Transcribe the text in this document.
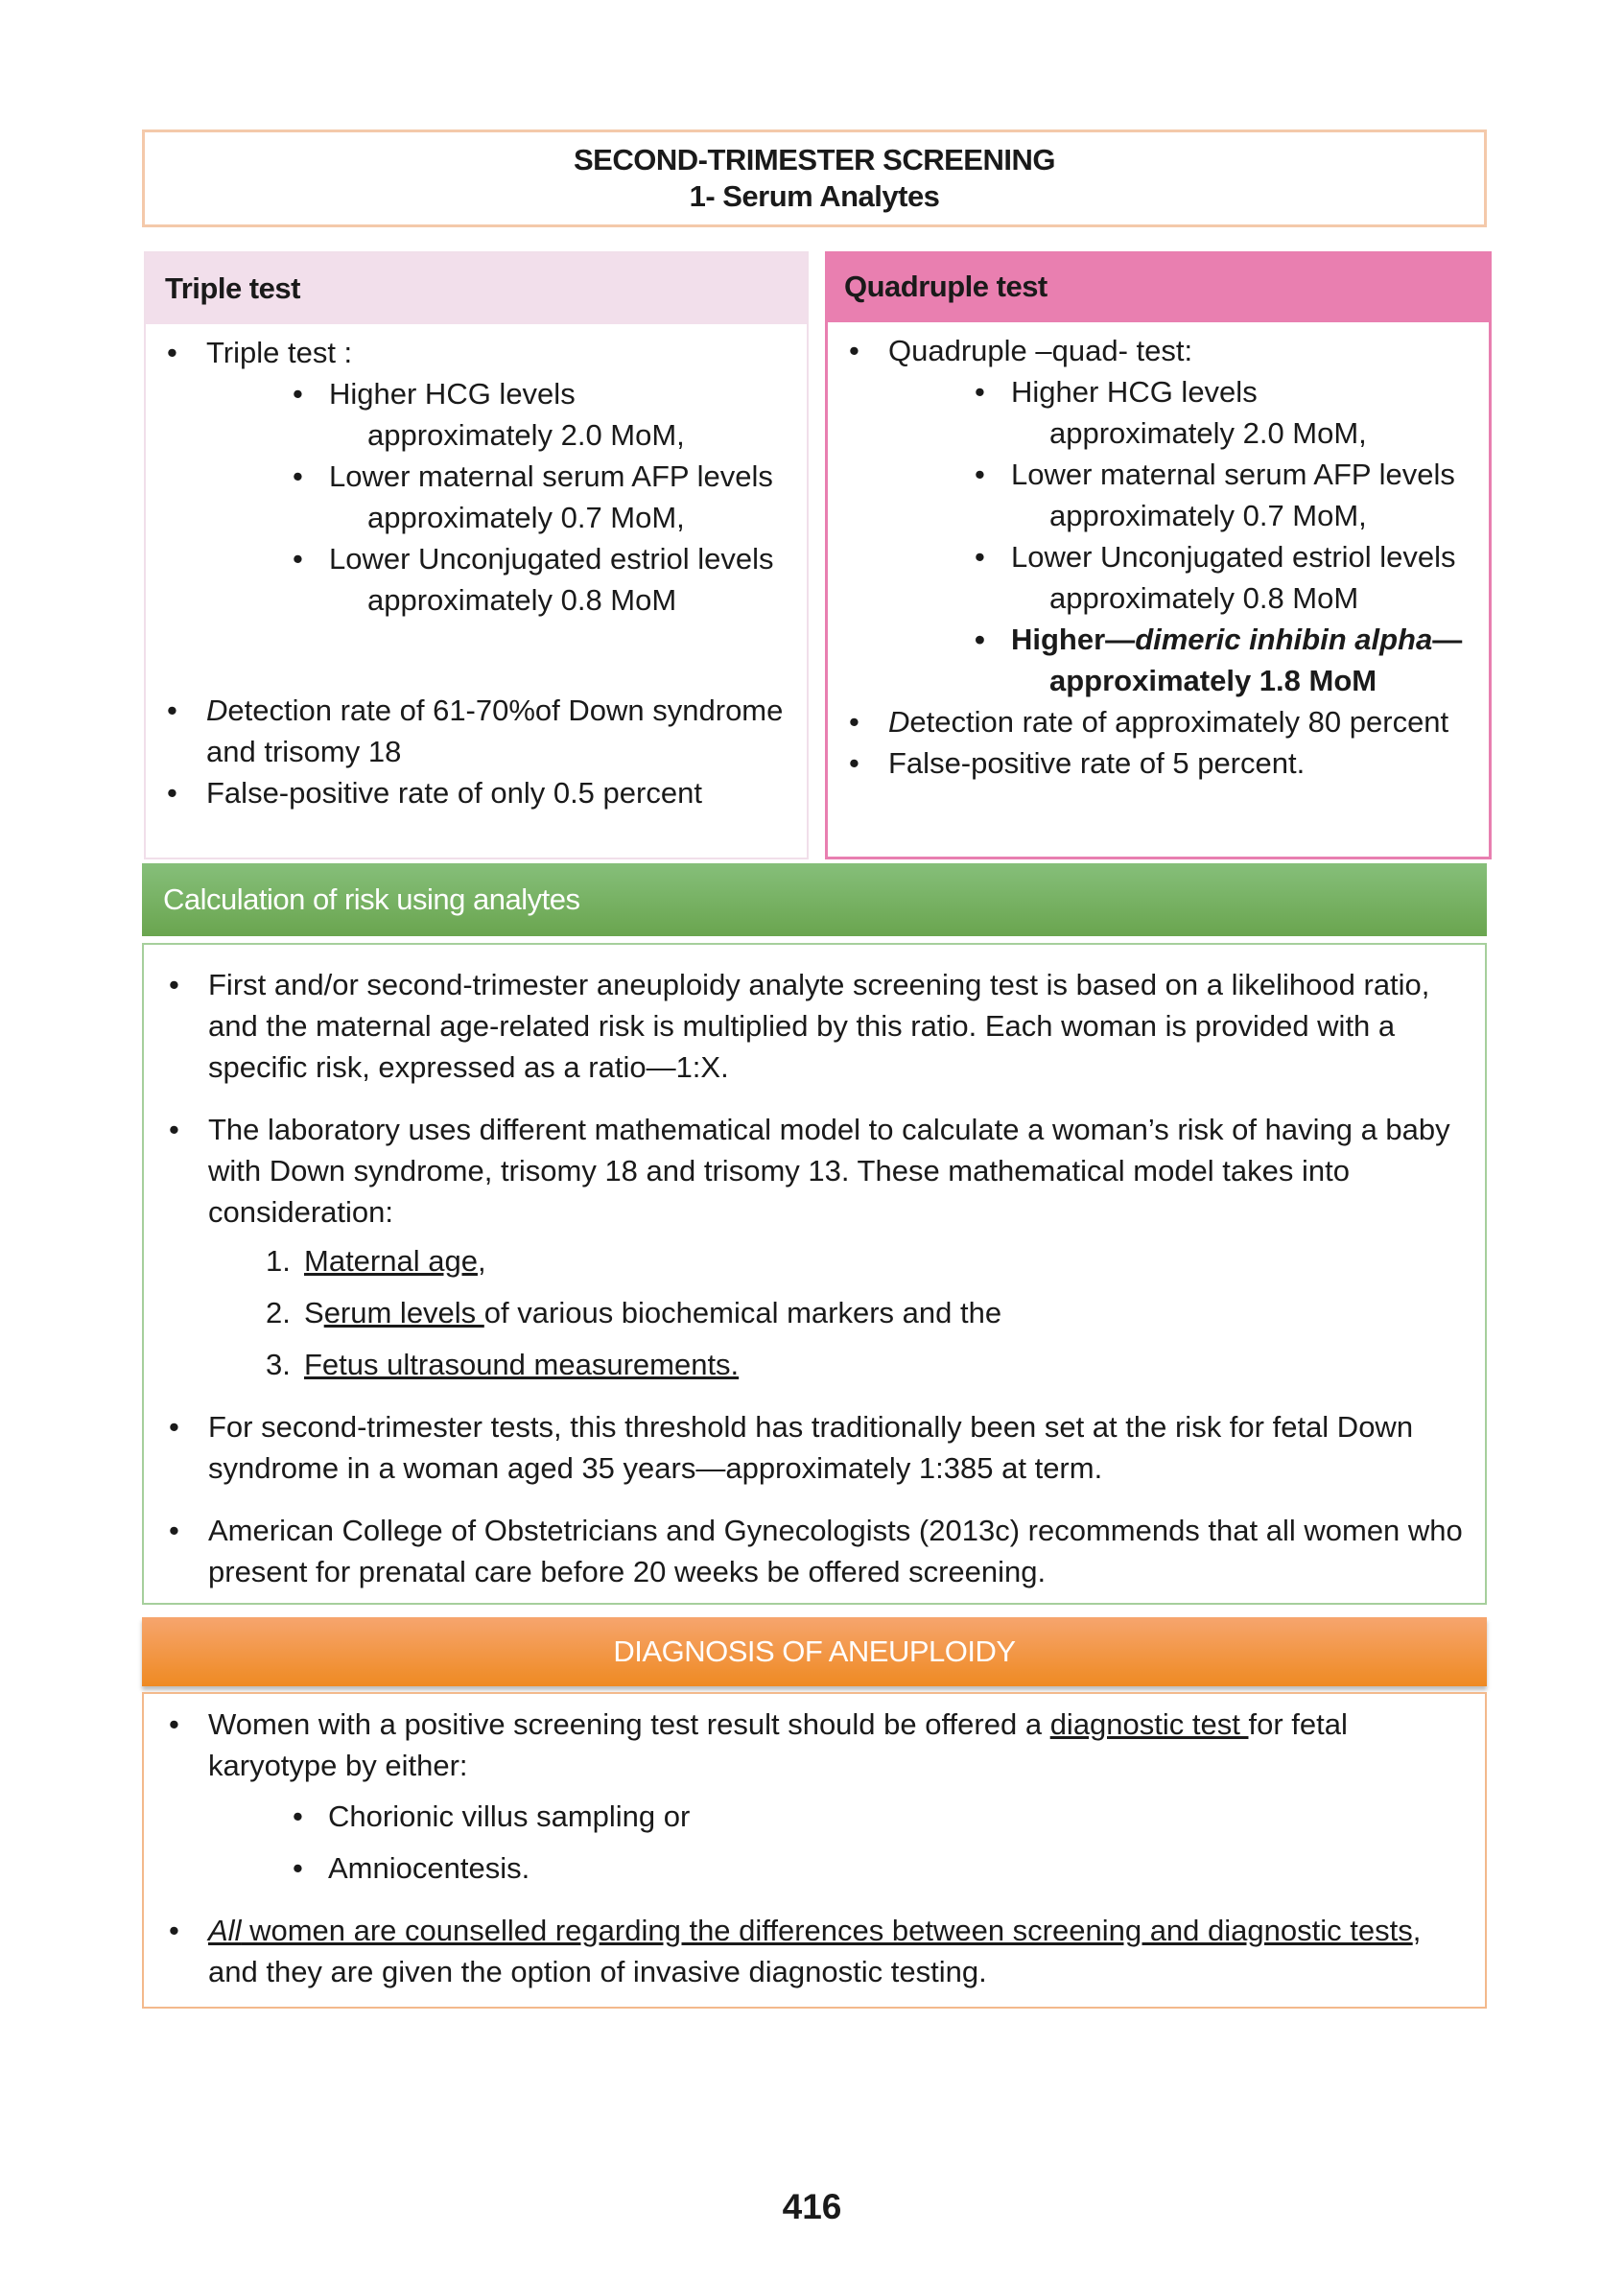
SECOND-TRIMESTER SCREENING
1- Serum Analytes
Triple test
• Triple test :
• Higher HCG levels
approximately 2.0 MoM,
• Lower maternal serum AFP levels
approximately 0.7 MoM,
• Lower Unconjugated estriol levels
approximately 0.8 MoM
• Detection rate of 61-70%of Down syndrome and trisomy 18
• False-positive rate of only 0.5 percent
Quadruple test
• Quadruple –quad- test:
• Higher HCG levels
approximately 2.0 MoM,
• Lower maternal serum AFP levels
approximately 0.7 MoM,
• Lower Unconjugated estriol levels
approximately 0.8 MoM
• Higher—dimeric inhibin alpha—
approximately 1.8 MoM
• Detection rate of approximately 80 percent
• False-positive rate of 5 percent.
Calculation of risk using analytes
• First and/or second-trimester aneuploidy analyte screening test is based on a likelihood ratio, and the maternal age-related risk is multiplied by this ratio. Each woman is provided with a specific risk, expressed as a ratio—1:X.
• The laboratory uses different mathematical model to calculate a woman’s risk of having a baby with Down syndrome, trisomy 18 and trisomy 13. These mathematical model takes into consideration:
1. Maternal age,
2. Serum levels of various biochemical markers and the
3. Fetus ultrasound measurements.
• For second-trimester tests, this threshold has traditionally been set at the risk for fetal Down syndrome in a woman aged 35 years—approximately 1:385 at term.
• American College of Obstetricians and Gynecologists (2013c) recommends that all women who present for prenatal care before 20 weeks be offered screening.
DIAGNOSIS OF ANEUPLOIDY
• Women with a positive screening test result should be offered a diagnostic test for fetal karyotype by either:
• Chorionic villus sampling or
• Amniocentesis.
• All women are counselled regarding the differences between screening and diagnostic tests, and they are given the option of invasive diagnostic testing.
416
